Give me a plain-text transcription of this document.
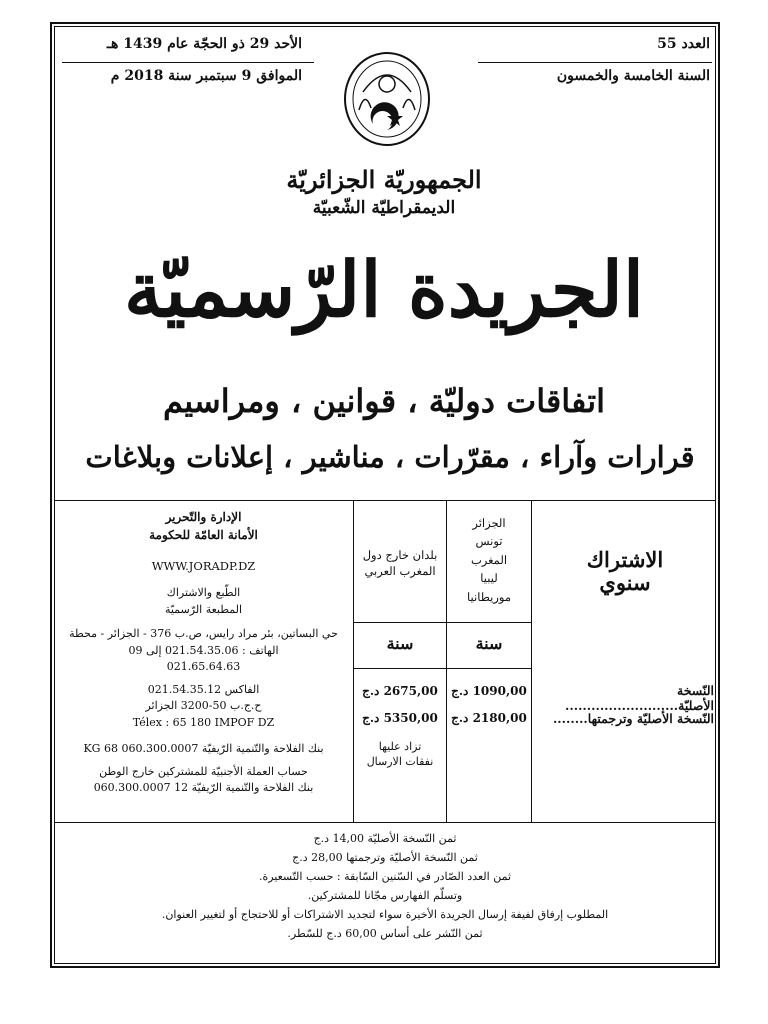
الأحد 29 ذو الحجّة عام 1439 هـ
الموافق 9 سبتمبر سنة 2018 م
العدد 55
السنة الخامسة والخمسون
الجمهوريّة الجزائريّة
الديمقراطيّة الشّعبيّة
الجريدة الرّسميّة
اتفاقات دوليّة ، قوانين ، ومراسيم
قرارات وآراء ، مقرّرات ، مناشير ، إعلانات وبلاغات
الاشتراك
سنوي
الجزائر
تونس
المغرب
ليبيا
موريطانيا
بلدان خارج دول المغرب العربي
سنة
سنة
النّسخة الأصليّة..........................
النّسخة الأصليّة وترجمتها........
1090,00 د.ج
2180,00 د.ج
2675,00 د.ج
5350,00 د.ج
تزاد عليها نفقات الارسال
الإدارة والتّحرير
الأمانة العامّة للحكومة
WWW.JORADP.DZ
الطّبع والاشتراك
المطبعة الرّسميّة
حي البساتين، بئر مراد رايس، ص.ب 376 - الجزائر - محطة
الهاتف : 021.54.35.06 إلى 09
021.65.64.63
الفاكس 021.54.35.12
ح.ج.ب 50-3200 الجزائر
Télex : 65 180 IMPOF DZ
بنك الفلاحة والتّنمية الرّيفيّة 060.300.0007 68 KG
حساب العملة الأجنبيّة للمشتركين خارج الوطن
بنك الفلاحة والتّنمية الرّيفيّة 12 060.300.0007
ثمن النّسخة الأصليّة 14,00 د.ج
ثمن النّسخة الأصليّة وترجمتها 28,00 د.ج
ثمن العدد الصّادر في السّنين السّابقة : حسب التّسعيرة.
وتسلّم الفهارس مجّانا للمشتركين.
المطلوب إرفاق لفيفة إرسال الجريدة الأخيرة سواء لتجديد الاشتراكات أو للاحتجاج أو لتغيير العنوان.
ثمن النّشر على أساس 60,00 د.ج للسّطر.
